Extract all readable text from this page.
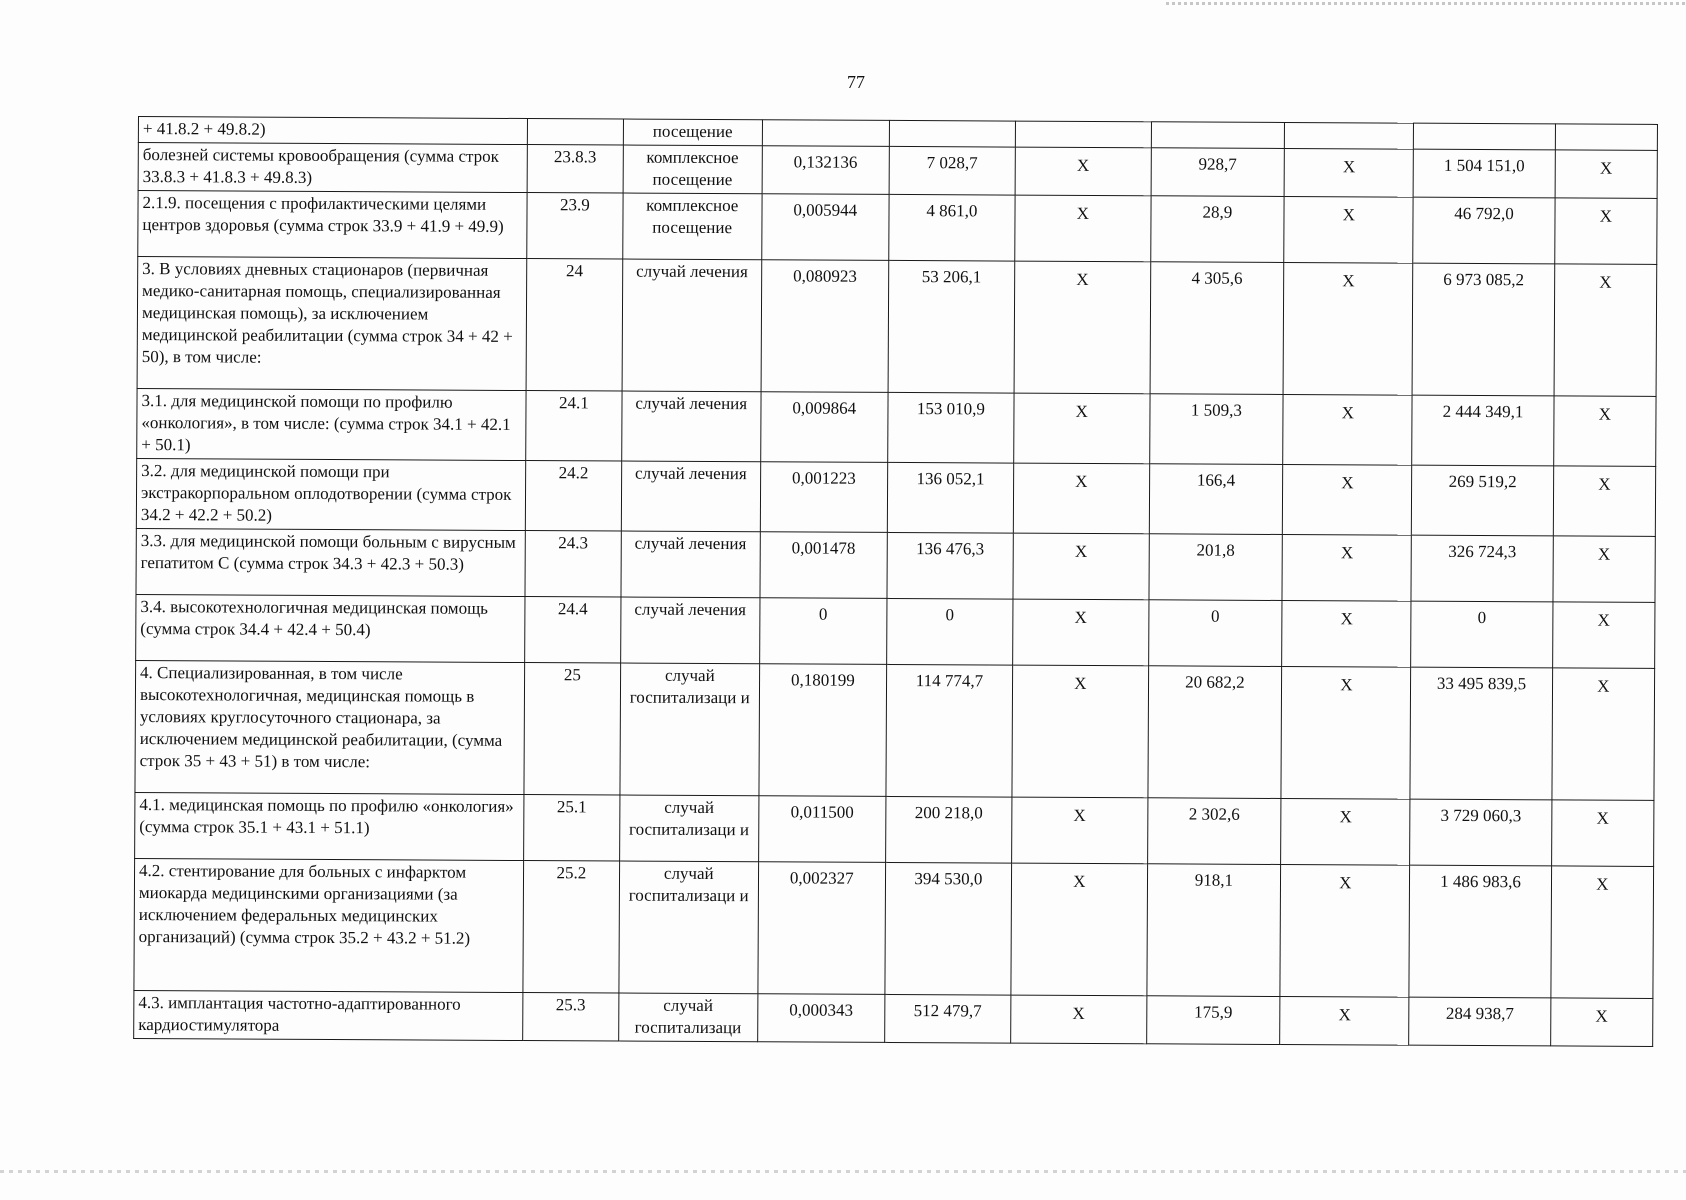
77
+ 41.8.2 + 49.8.2)		посещение							
болезней системы кровообращения (сумма строк 33.8.3 + 41.8.3 + 49.8.3)	23.8.3	комплексное посещение	0,132136	7 028,7	X	928,7	X	1 504 151,0	X
2.1.9. посещения с профилактическими целями центров здоровья (сумма строк 33.9 + 41.9 + 49.9)	23.9	комплексное посещение	0,005944	4 861,0	X	28,9	X	46 792,0	X
3. В условиях дневных стационаров (первичная медико-санитарная помощь, специализированная медицинская помощь), за исключением медицинской реабилитации (сумма строк 34 + 42 + 50), в том числе:	24	случай лечения	0,080923	53 206,1	X	4 305,6	X	6 973 085,2	X
3.1. для медицинской помощи по профилю «онкология», в том числе: (сумма строк 34.1 + 42.1 + 50.1)	24.1	случай лечения	0,009864	153 010,9	X	1 509,3	X	2 444 349,1	X
3.2. для медицинской помощи при экстракорпоральном оплодотворении (сумма строк 34.2 + 42.2 + 50.2)	24.2	случай лечения	0,001223	136 052,1	X	166,4	X	269 519,2	X
3.3. для медицинской помощи больным с вирусным гепатитом С (сумма строк 34.3 + 42.3 + 50.3)	24.3	случай лечения	0,001478	136 476,3	X	201,8	X	326 724,3	X
3.4. высокотехнологичная медицинская помощь (сумма строк 34.4 + 42.4 + 50.4)	24.4	случай лечения	0	0	X	0	X	0	X
4. Специализированная, в том числе высокотехнологичная, медицинская помощь в условиях круглосуточного стационара, за исключением медицинской реабилитации, (сумма строк 35 + 43 + 51) в том числе:	25	случай госпитализаци и	0,180199	114 774,7	X	20 682,2	X	33 495 839,5	X
4.1. медицинская помощь по профилю «онкология» (сумма строк 35.1 + 43.1 + 51.1)	25.1	случай госпитализаци и	0,011500	200 218,0	X	2 302,6	X	3 729 060,3	X
4.2. стентирование для больных с инфарктом миокарда медицинскими организациями (за исключением федеральных медицинских организаций) (сумма строк 35.2 + 43.2 + 51.2)	25.2	случай госпитализаци и	0,002327	394 530,0	X	918,1	X	1 486 983,6	X
4.3. имплантация частотно-адаптированного кардиостимулятора	25.3	случай госпитализаци	0,000343	512 479,7	X	175,9	X	284 938,7	X
